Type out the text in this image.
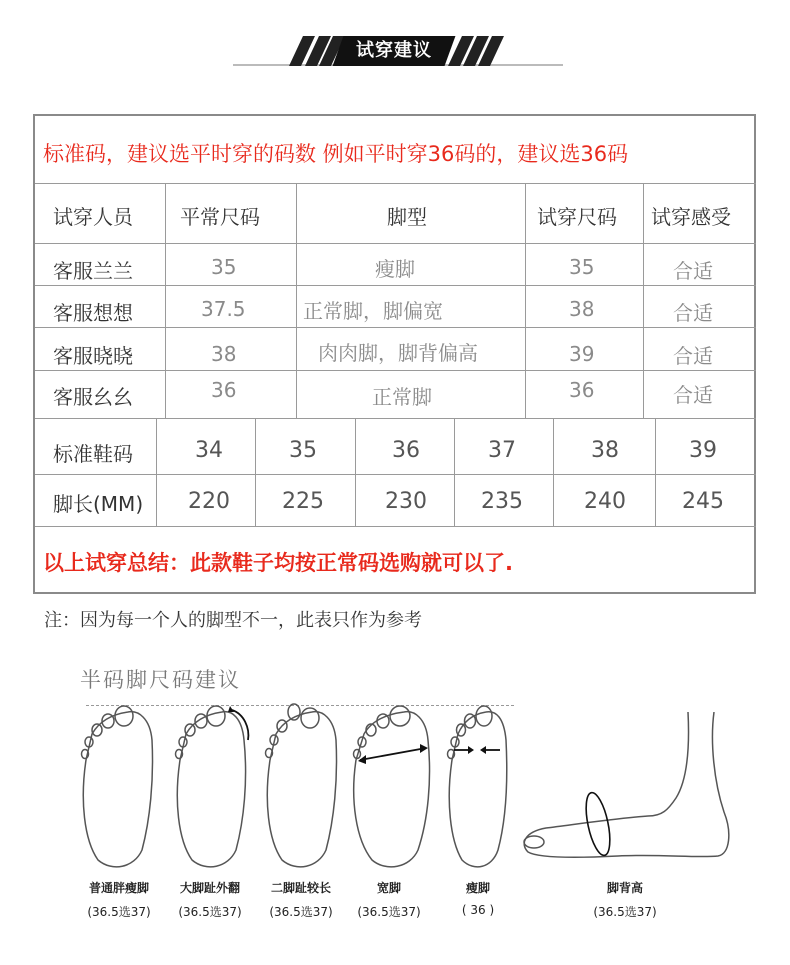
试穿建议
标准码，建议选平时穿的码数 例如平时穿36码的，建议选36码
试穿人员 平常尺码	脚型	试穿尺码 试穿感受
客服兰兰	35	瘦脚	35	合适
客服想想	37.5	正常脚，脚偏宽	38	合适
客服晓晓	38	肉肉脚，脚背偏高	39	合适
客服幺幺	36	正常脚	36	合适
标准鞋码	34	35	36	37	38	39
脚长(MM) 220 225	230 235	240	245
以上试穿总结：此款鞋子均按正常码选购就可以了.
注：因为每一个人的脚型不一，此表只作为参考
半码脚尺码建议
普通胖瘦脚
(36.5选37)
大脚趾外翻
(36.5选37)
二脚趾较长
(36.5选37)
宽脚
(36.5选37)
瘦脚
( 36 )
脚背高
(36.5选37)
